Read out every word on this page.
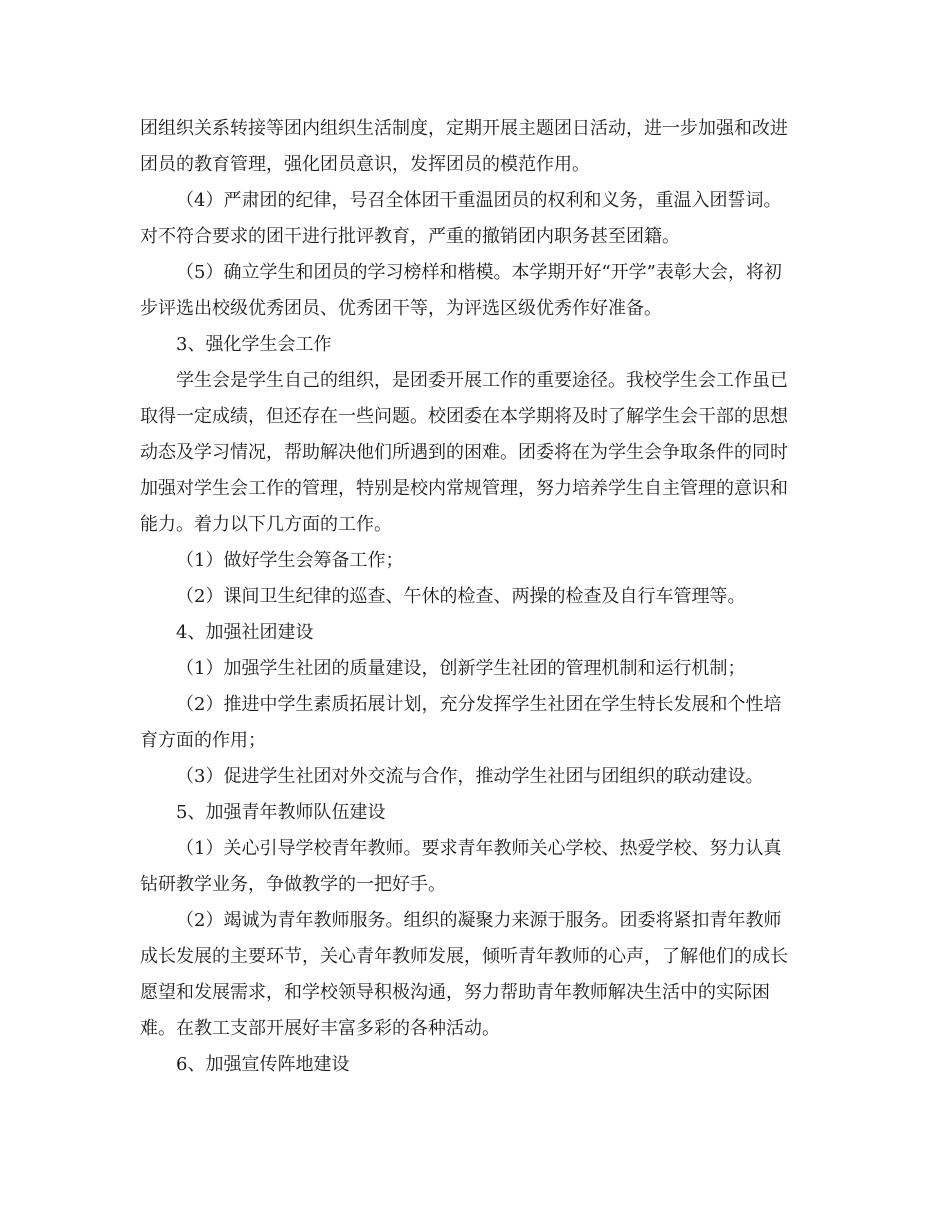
团组织关系转接等团内组织生活制度，定期开展主题团日活动，进一步加强和改进
团员的教育管理，强化团员意识，发挥团员的模范作用。
（4）严肃团的纪律，号召全体团干重温团员的权利和义务，重温入团誓词。
对不符合要求的团干进行批评教育，严重的撤销团内职务甚至团籍。
（5）确立学生和团员的学习榜样和楷模。本学期开好“开学”表彰大会，将初
步评选出校级优秀团员、优秀团干等，为评选区级优秀作好准备。
3、强化学生会工作
学生会是学生自己的组织，是团委开展工作的重要途径。我校学生会工作虽已
取得一定成绩，但还存在一些问题。校团委在本学期将及时了解学生会干部的思想
动态及学习情况，帮助解决他们所遇到的困难。团委将在为学生会争取条件的同时
加强对学生会工作的管理，特别是校内常规管理，努力培养学生自主管理的意识和
能力。着力以下几方面的工作。
（1）做好学生会筹备工作；
（2）课间卫生纪律的巡查、午休的检查、两操的检查及自行车管理等。
4、加强社团建设
（1）加强学生社团的质量建设，创新学生社团的管理机制和运行机制；
（2）推进中学生素质拓展计划，充分发挥学生社团在学生特长发展和个性培
育方面的作用；
（3）促进学生社团对外交流与合作，推动学生社团与团组织的联动建设。
5、加强青年教师队伍建设
（1）关心引导学校青年教师。要求青年教师关心学校、热爱学校、努力认真
钻研教学业务，争做教学的一把好手。
（2）竭诚为青年教师服务。组织的凝聚力来源于服务。团委将紧扣青年教师
成长发展的主要环节，关心青年教师发展，倾听青年教师的心声，了解他们的成长
愿望和发展需求，和学校领导积极沟通，努力帮助青年教师解决生活中的实际困
难。在教工支部开展好丰富多彩的各种活动。
6、加强宣传阵地建设
